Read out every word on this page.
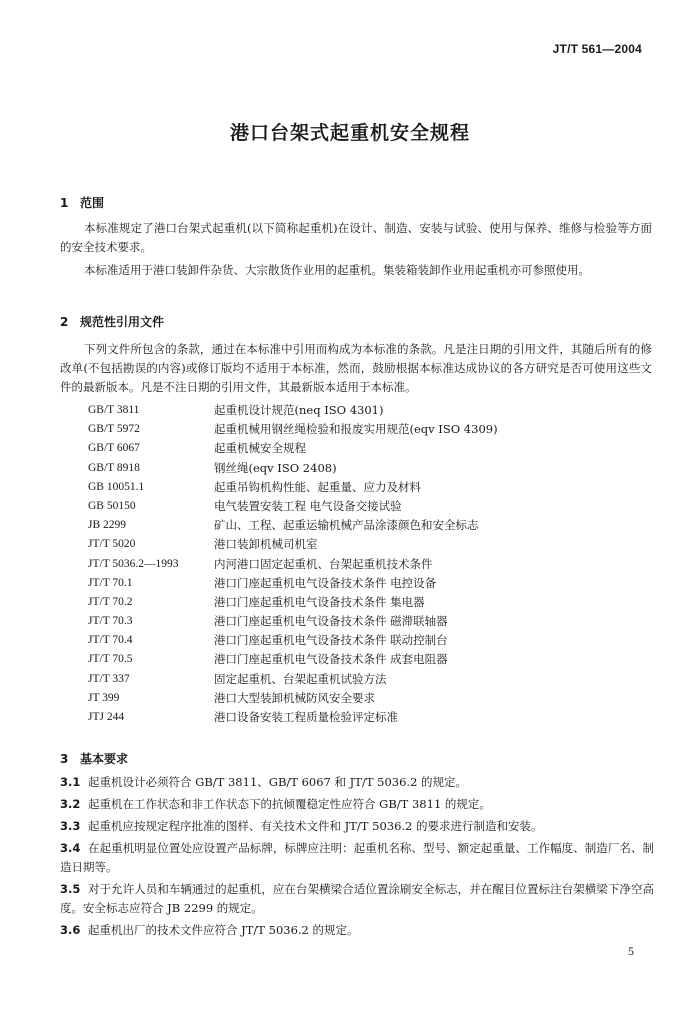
JT/T 561—2004
港口台架式起重机安全规程
1 范围

本标准规定了港口台架式起重机(以下简称起重机)在设计、制造、安装与试验、使用与保养、维修与检验等方面的安全技术要求。

本标准适用于港口装卸件杂货、大宗散货作业用的起重机。集装箱装卸作业用起重机亦可参照使用。

2 规范性引用文件

下列文件所包含的条款，通过在本标准中引用而构成为本标准的条款。凡是注日期的引用文件，其随后所有的修改单(不包括勘误的内容)或修订版均不适用于本标准，然而，鼓励根据本标准达成协议的各方研究是否可使用这些文件的最新版本。凡是不注日期的引用文件，其最新版本适用于本标准。

GB/T 3811	起重机设计规范(neq ISO 4301)
GB/T 5972	起重机械用钢丝绳检验和报废实用规范(eqv ISO 4309)
GB/T 6067	起重机械安全规程
GB/T 8918	钢丝绳(eqv ISO 2408)
GB 10051.1	起重吊钩机构性能、起重量、应力及材料
GB 50150	电气装置安装工程 电气设备交接试验
JB 2299	矿山、工程、起重运输机械产品涂漆颜色和安全标志
JT/T 5020	港口装卸机械司机室
JT/T 5036.2—1993	内河港口固定起重机、台架起重机技术条件
JT/T 70.1	港口门座起重机电气设备技术条件 电控设备
JT/T 70.2	港口门座起重机电气设备技术条件 集电器
JT/T 70.3	港口门座起重机电气设备技术条件 磁滞联轴器
JT/T 70.4	港口门座起重机电气设备技术条件 联动控制台
JT/T 70.5	港口门座起重机电气设备技术条件 成套电阻器
JT/T 337	固定起重机、台架起重机试验方法
JT 399	港口大型装卸机械防风安全要求
JTJ 244	港口设备安装工程质量检验评定标准
3 基本要求

3.1 起重机设计必须符合 GB/T 3811、GB/T 6067 和 JT/T 5036.2 的规定。

3.2 起重机在工作状态和非工作状态下的抗倾覆稳定性应符合 GB/T 3811 的规定。

3.3 起重机应按规定程序批准的图样、有关技术文件和 JT/T 5036.2 的要求进行制造和安装。

3.4 在起重机明显位置处应设置产品标牌，标牌应注明：起重机名称、型号、额定起重量、工作幅度、制造厂名、制造日期等。

3.5 对于允许人员和车辆通过的起重机，应在台架横梁合适位置涂刷安全标志，并在醒目位置标注台架横梁下净空高度。安全标志应符合 JB 2299 的规定。

3.6 起重机出厂的技术文件应符合 JT/T 5036.2 的规定。

5
